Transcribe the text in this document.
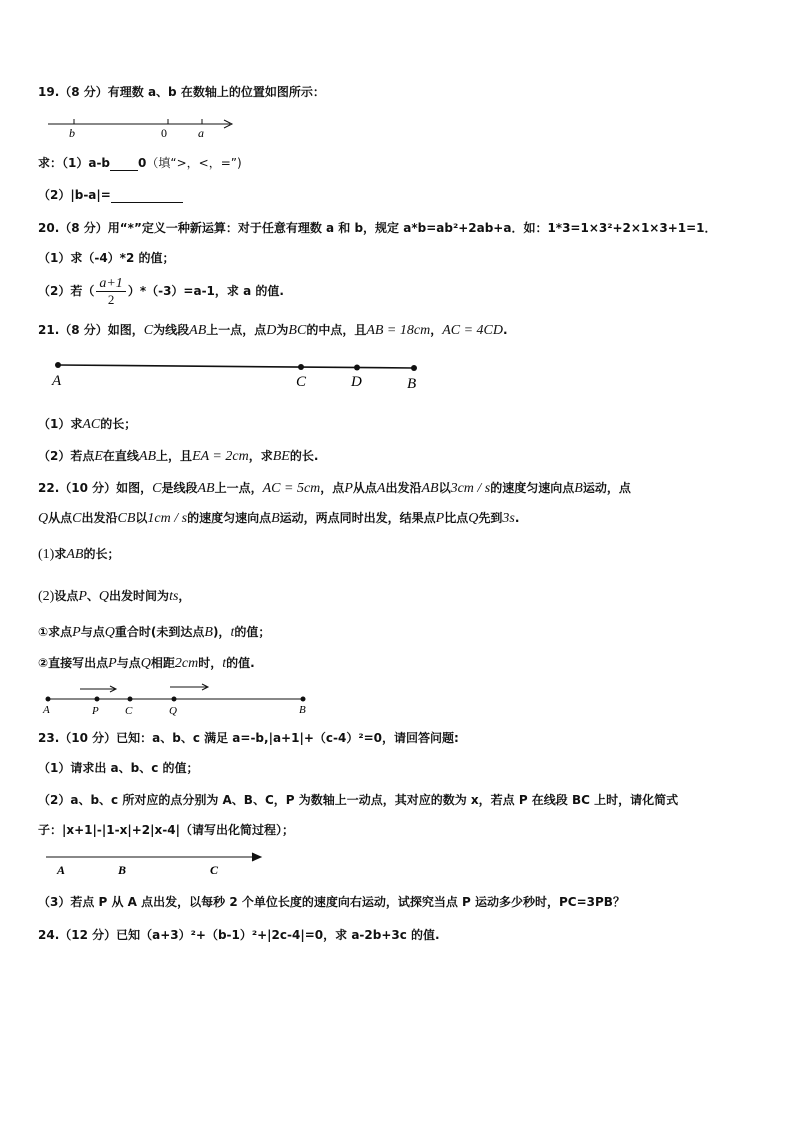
19.（8 分）有理数 a、b 在数轴上的位置如图所示：
b	0	a
求：（1）a-b 0（填“>，<，=”)
（2）|b-a|=
20.（8 分）用“*”定义一种新运算：对于任意有理数 a 和 b，规定 a*b=ab²+2ab+a．如：1*3=1×3²+2×1×3+1=1．
（1）求（-4）*2 的值；
（2）若（ $\frac{a+1}{2} )*(-3)=a-1$，求 a 的值.
21.（8 分）如图，C为线段AB上一点，点D为BC的中点，且AB = 18cm，AC = 4CD.
A	C	D	B
（1）求AC的长；
（2）若点E在直线AB上，且EA = 2cm，求BE的长.
22.（10 分）如图，C是线段AB上一点，AC = 5cm，点P从点A出发沿AB以3cm / s的速度匀速向点B运动，点
Q从点C出发沿CB以1cm / s的速度匀速向点B运动，两点同时出发，结果点P比点Q先到3s.
(1)求AB的长；
(2)设点P、Q出发时间为ts，
①求点P与点Q重合时(未到达点B)，t的值；
②直接写出点P与点Q相距2cm时，t的值.
A	P C	Q	B
23.（10 分）已知：a、b、c 满足 a=-b,|a+1|+（c-4）²=0，请回答问题:
（1）请求出 a、b、c 的值；
（2）a、b、c 所对应的点分别为 A、B、C，P 为数轴上一动点，其对应的数为 x，若点 P 在线段 BC 上时，请化简式
子：|x+1|-|1-x|+2|x-4|（请写出化简过程）；
A	B	C
（3）若点 P 从 A 点出发，以每秒 2 个单位长度的速度向右运动，试探究当点 P 运动多少秒时，PC=3PB？
24.（12 分）已知（a+3）²+（b-1）²+|2c-4|=0，求 a-2b+3c 的值.
